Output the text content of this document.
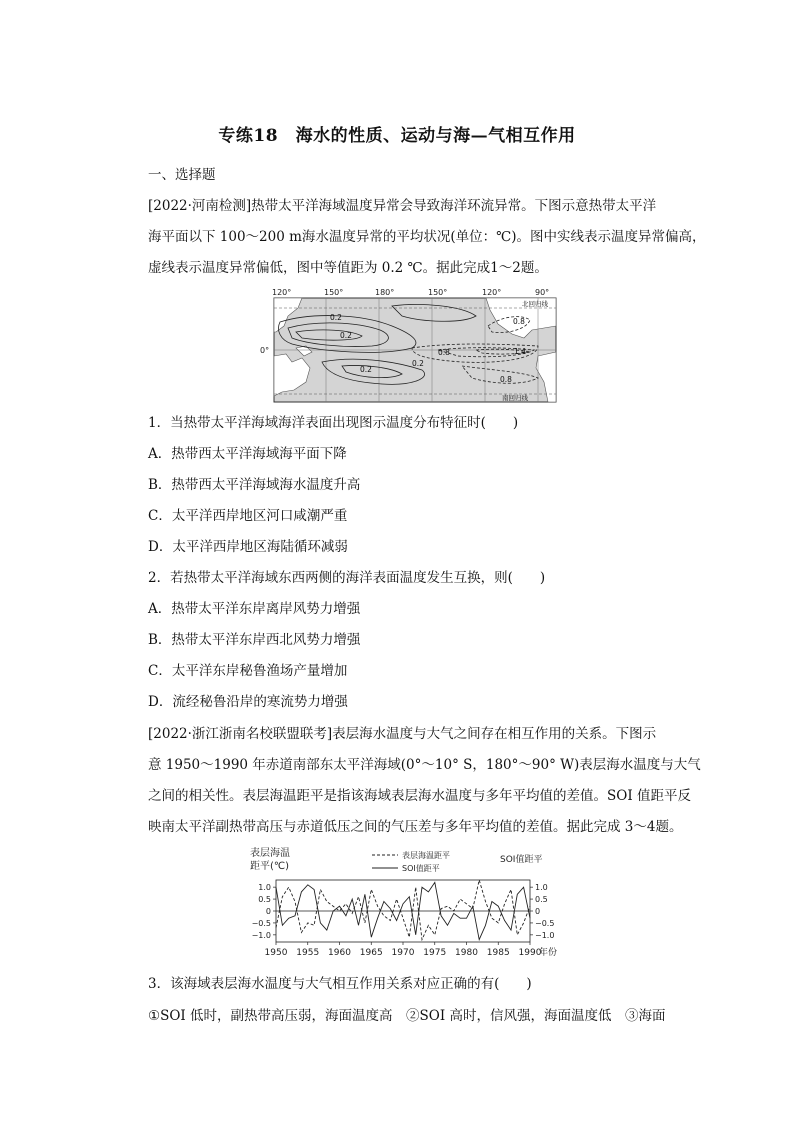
专练18　海水的性质、运动与海—气相互作用
一、选择题
[2022·河南检测]热带太平洋海域温度异常会导致海洋环流异常。下图示意热带太平洋
海平面以下 100～200 m海水温度异常的平均状况(单位：℃)。图中实线表示温度异常偏高，
虚线表示温度异常偏低，图中等值距为 0.2 ℃。据此完成1～2题。
120°	150°	180°	150°	120°	90°
0°
0.2
0.2
0.2
0.2
0.8
0.8	1.4
0.8
北回归线
南回归线
1．当热带太平洋海域海洋表面出现图示温度分布特征时(　　)
A．热带西太平洋海域海平面下降
B．热带西太平洋海域海水温度升高
C．太平洋西岸地区河口咸潮严重
D．太平洋西岸地区海陆循环减弱
2．若热带太平洋海域东西两侧的海洋表面温度发生互换，则(　　)
A．热带太平洋东岸离岸风势力增强
B．热带太平洋东岸西北风势力增强
C．太平洋东岸秘鲁渔场产量增加
D．流经秘鲁沿岸的寒流势力增强
[2022·浙江浙南名校联盟联考]表层海水温度与大气之间存在相互作用的关系。下图示
意 1950～1990 年赤道南部东太平洋海域(0°～10° S，180°～90° W)表层海水温度与大气
之间的相关性。表层海温距平是指该海域表层海水温度与多年平均值的差值。SOI 值距平反
映南太平洋副热带高压与赤道低压之间的气压差与多年平均值的差值。据此完成 3～4题。
表层海温
距平(℃)
SOI值距平
表层海温距平
SOI值距平
1.0	1.0
0.5	0.5
0	0
−0.5	−0.5
−1.0	−1.0
1950 1955 1960 1965 1970 1975 1980 1985 1990
年份
3．该海域表层海水温度与大气相互作用关系对应正确的有(　　)
①SOI 低时，副热带高压弱，海面温度高　②SOI 高时，信风强，海面温度低　③海面
